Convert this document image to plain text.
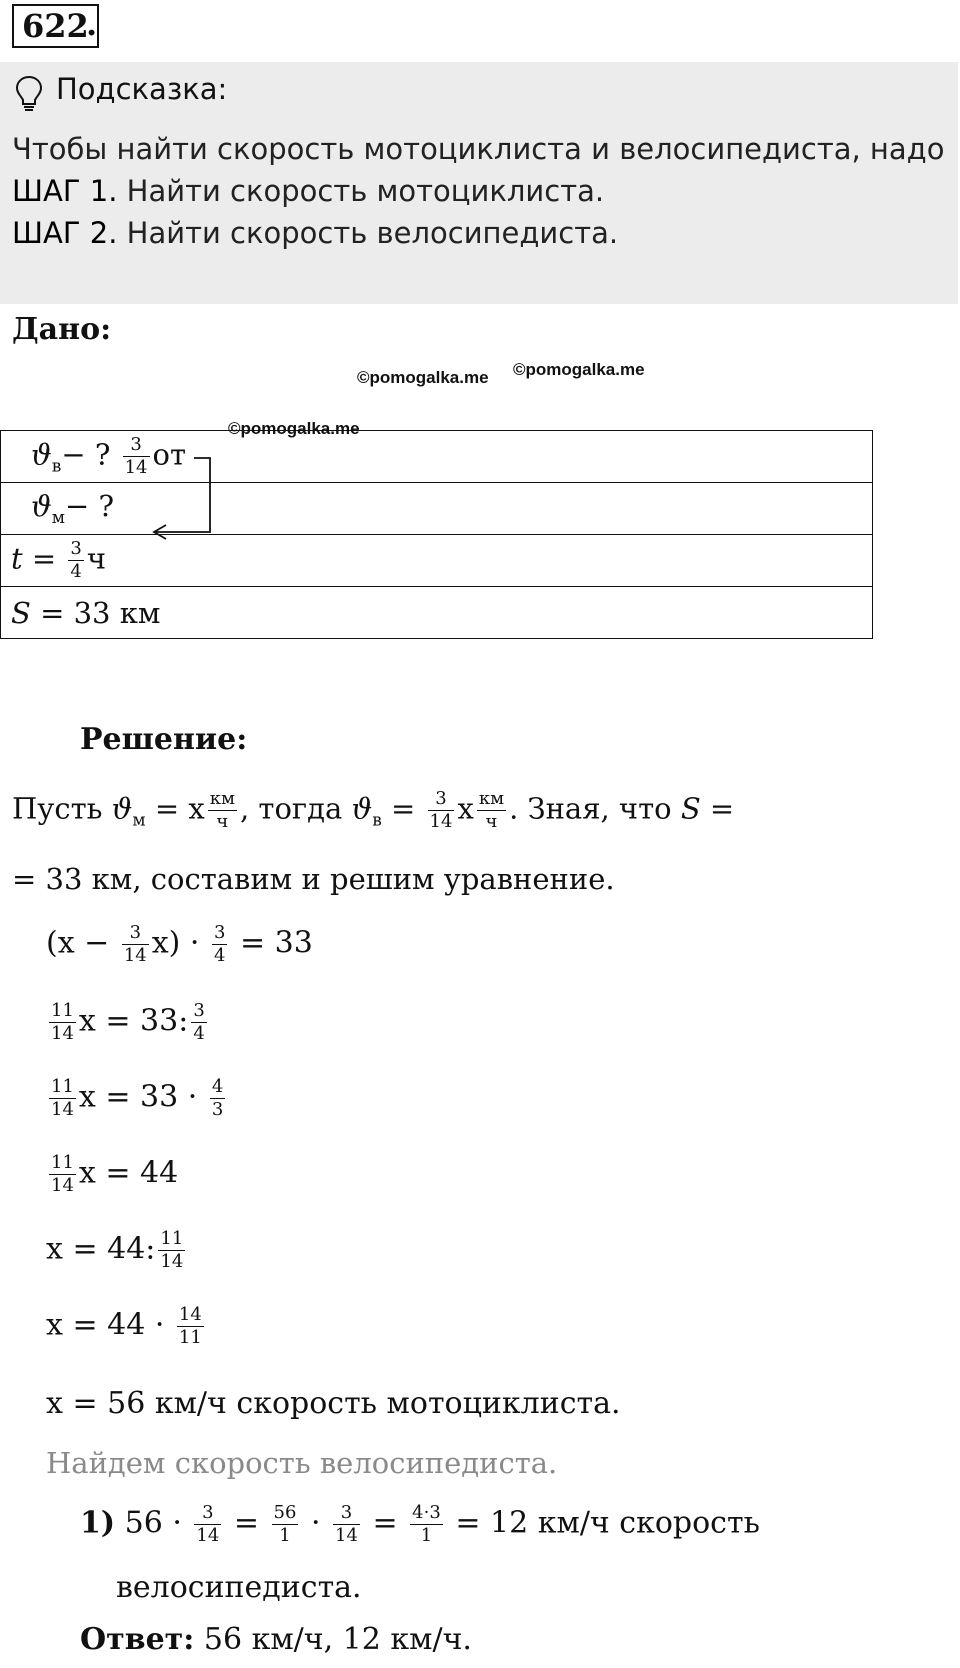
622
.
Подсказка:
Чтобы найти скорость мотоциклиста и велосипедиста, надо
ШАГ 1. Найти скорость мотоциклиста.
ШАГ 2. Найти скорость велосипедиста.
Дано:
©pomogalka.me ©pomogalka.me
©pomogalka.me
$ϑ_в-$ ? $\frac{3}{14}$ от
$ϑ_м-$ ?
$t = \frac{3}{4}$ ч
S = 33 км
Решение:
Пусть $ϑ_м = х \frac{км}{ч}$ , тогда $ϑ_в = \frac{3}{14}$ х $\frac{км}{ч}$ . Зная, что S =
= 33 км, составим и решим уравнение.
$(х - \frac{3}{14} х) \cdot \frac{3}{4} = 33$
$\frac{11}{14}$ х = 33: $\frac{3}{4}$
$\frac{11}{14}$ $х = 33 \cdot \frac{4}{3}$
$\frac{11}{14}$ х = 44
х = 44: $\frac{11}{14}$
$х = 44 \cdot \frac{14}{11}$
х = 56 км/ч скорость мотоциклиста.
Найдем скорость велосипедиста.
1) $56 \cdot \frac{3}{14} = \frac{56}{1} \cdot \frac{3}{14} = \frac{4\cdot 3}{1} = 12$ км/ч скорость
велосипедиста.
Ответ: 56 км/ч, 12 км/ч.
